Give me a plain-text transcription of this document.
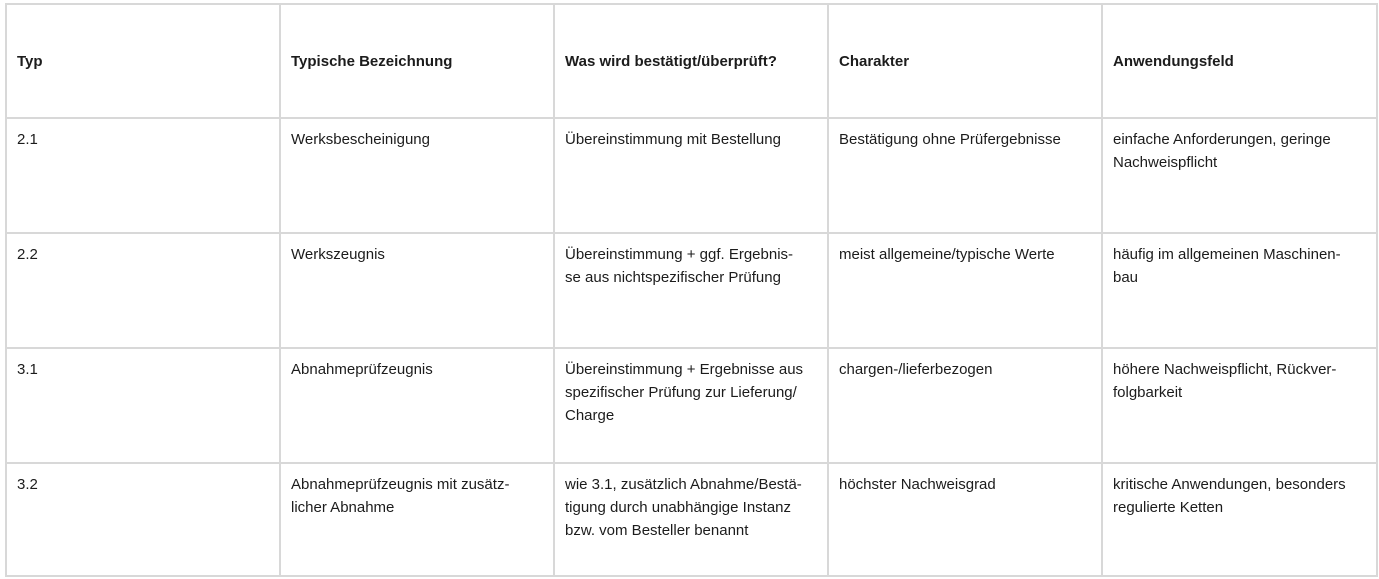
Typ	Typische Bezeichnung	Was wird bestätigt/überprüft?	Charakter	Anwendungsfeld
2.1	Werksbescheinigung	Übereinstimmung mit Bestellung	Bestätigung ohne Prüfergebnisse	einfache Anforderungen, geringe
Nachweispflicht
2.2	Werkszeugnis	Übereinstimmung + ggf. Ergebnis-
se aus nichtspezifischer Prüfung	meist allgemeine/typische Werte	häufig im allgemeinen Maschinen-
bau
3.1	Abnahmeprüfzeugnis	Übereinstimmung + Ergebnisse aus
spezifischer Prüfung zur Lieferung/
Charge	chargen-/lieferbezogen	höhere Nachweispflicht, Rückver-
folgbarkeit
3.2	Abnahmeprüfzeugnis mit zusätz-
licher Abnahme	wie 3.1, zusätzlich Abnahme/Bestä-
tigung durch unabhängige Instanz
bzw. vom Besteller benannt	höchster Nachweisgrad	kritische Anwendungen, besonders
regulierte Ketten
